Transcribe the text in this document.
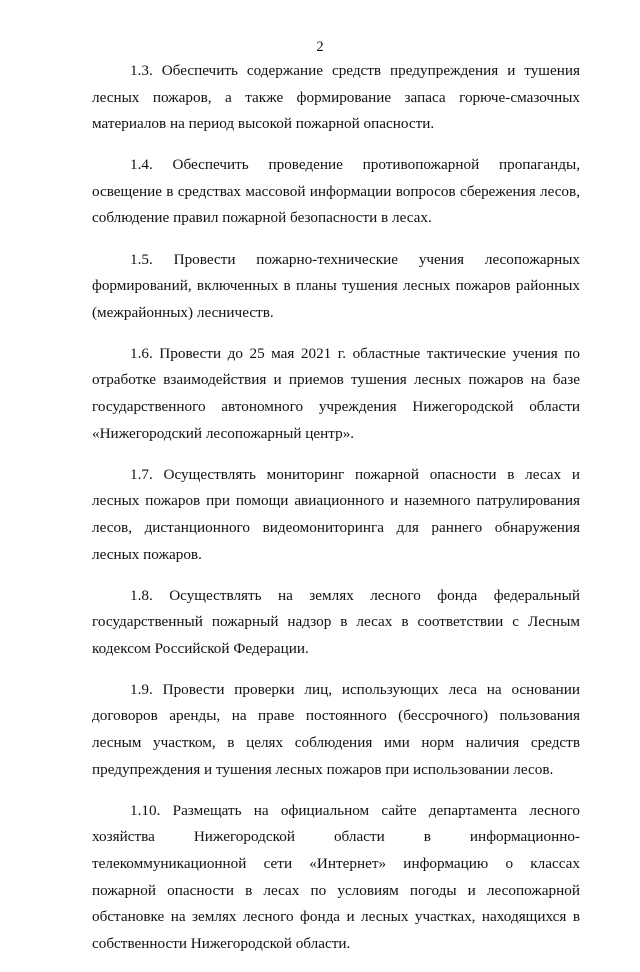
2

1.3. Обеспечить содержание средств предупреждения и тушения лесных пожаров, а также формирование запаса горюче-смазочных материалов на период высокой пожарной опасности.

1.4. Обеспечить проведение противопожарной пропаганды, освещение в средствах массовой информации вопросов сбережения лесов, соблюдение правил пожарной безопасности в лесах.

1.5. Провести пожарно-технические учения лесопожарных формирований, включенных в планы тушения лесных пожаров районных (межрайонных) лесничеств.

1.6. Провести до 25 мая 2021 г. областные тактические учения по отработке взаимодействия и приемов тушения лесных пожаров на базе государственного автономного учреждения Нижегородской области «Нижегородский лесопожарный центр».

1.7. Осуществлять мониторинг пожарной опасности в лесах и лесных пожаров при помощи авиационного и наземного патрулирования лесов, дистанционного видеомониторинга для раннего обнаружения лесных пожаров.

1.8. Осуществлять на землях лесного фонда федеральный государственный пожарный надзор в лесах в соответствии с Лесным кодексом Российской Федерации.

1.9. Провести проверки лиц, использующих леса на основании договоров аренды, на праве постоянного (бессрочного) пользования лесным участком, в целях соблюдения ими норм наличия средств предупреждения и тушения лесных пожаров при использовании лесов.

1.10. Размещать на официальном сайте департамента лесного хозяйства Нижегородской области в информационно-телекоммуникационной сети «Интернет» информацию о классах пожарной опасности в лесах по условиям погоды и лесопожарной обстановке на землях лесного фонда и лесных участках, находящихся в собственности Нижегородской области.
